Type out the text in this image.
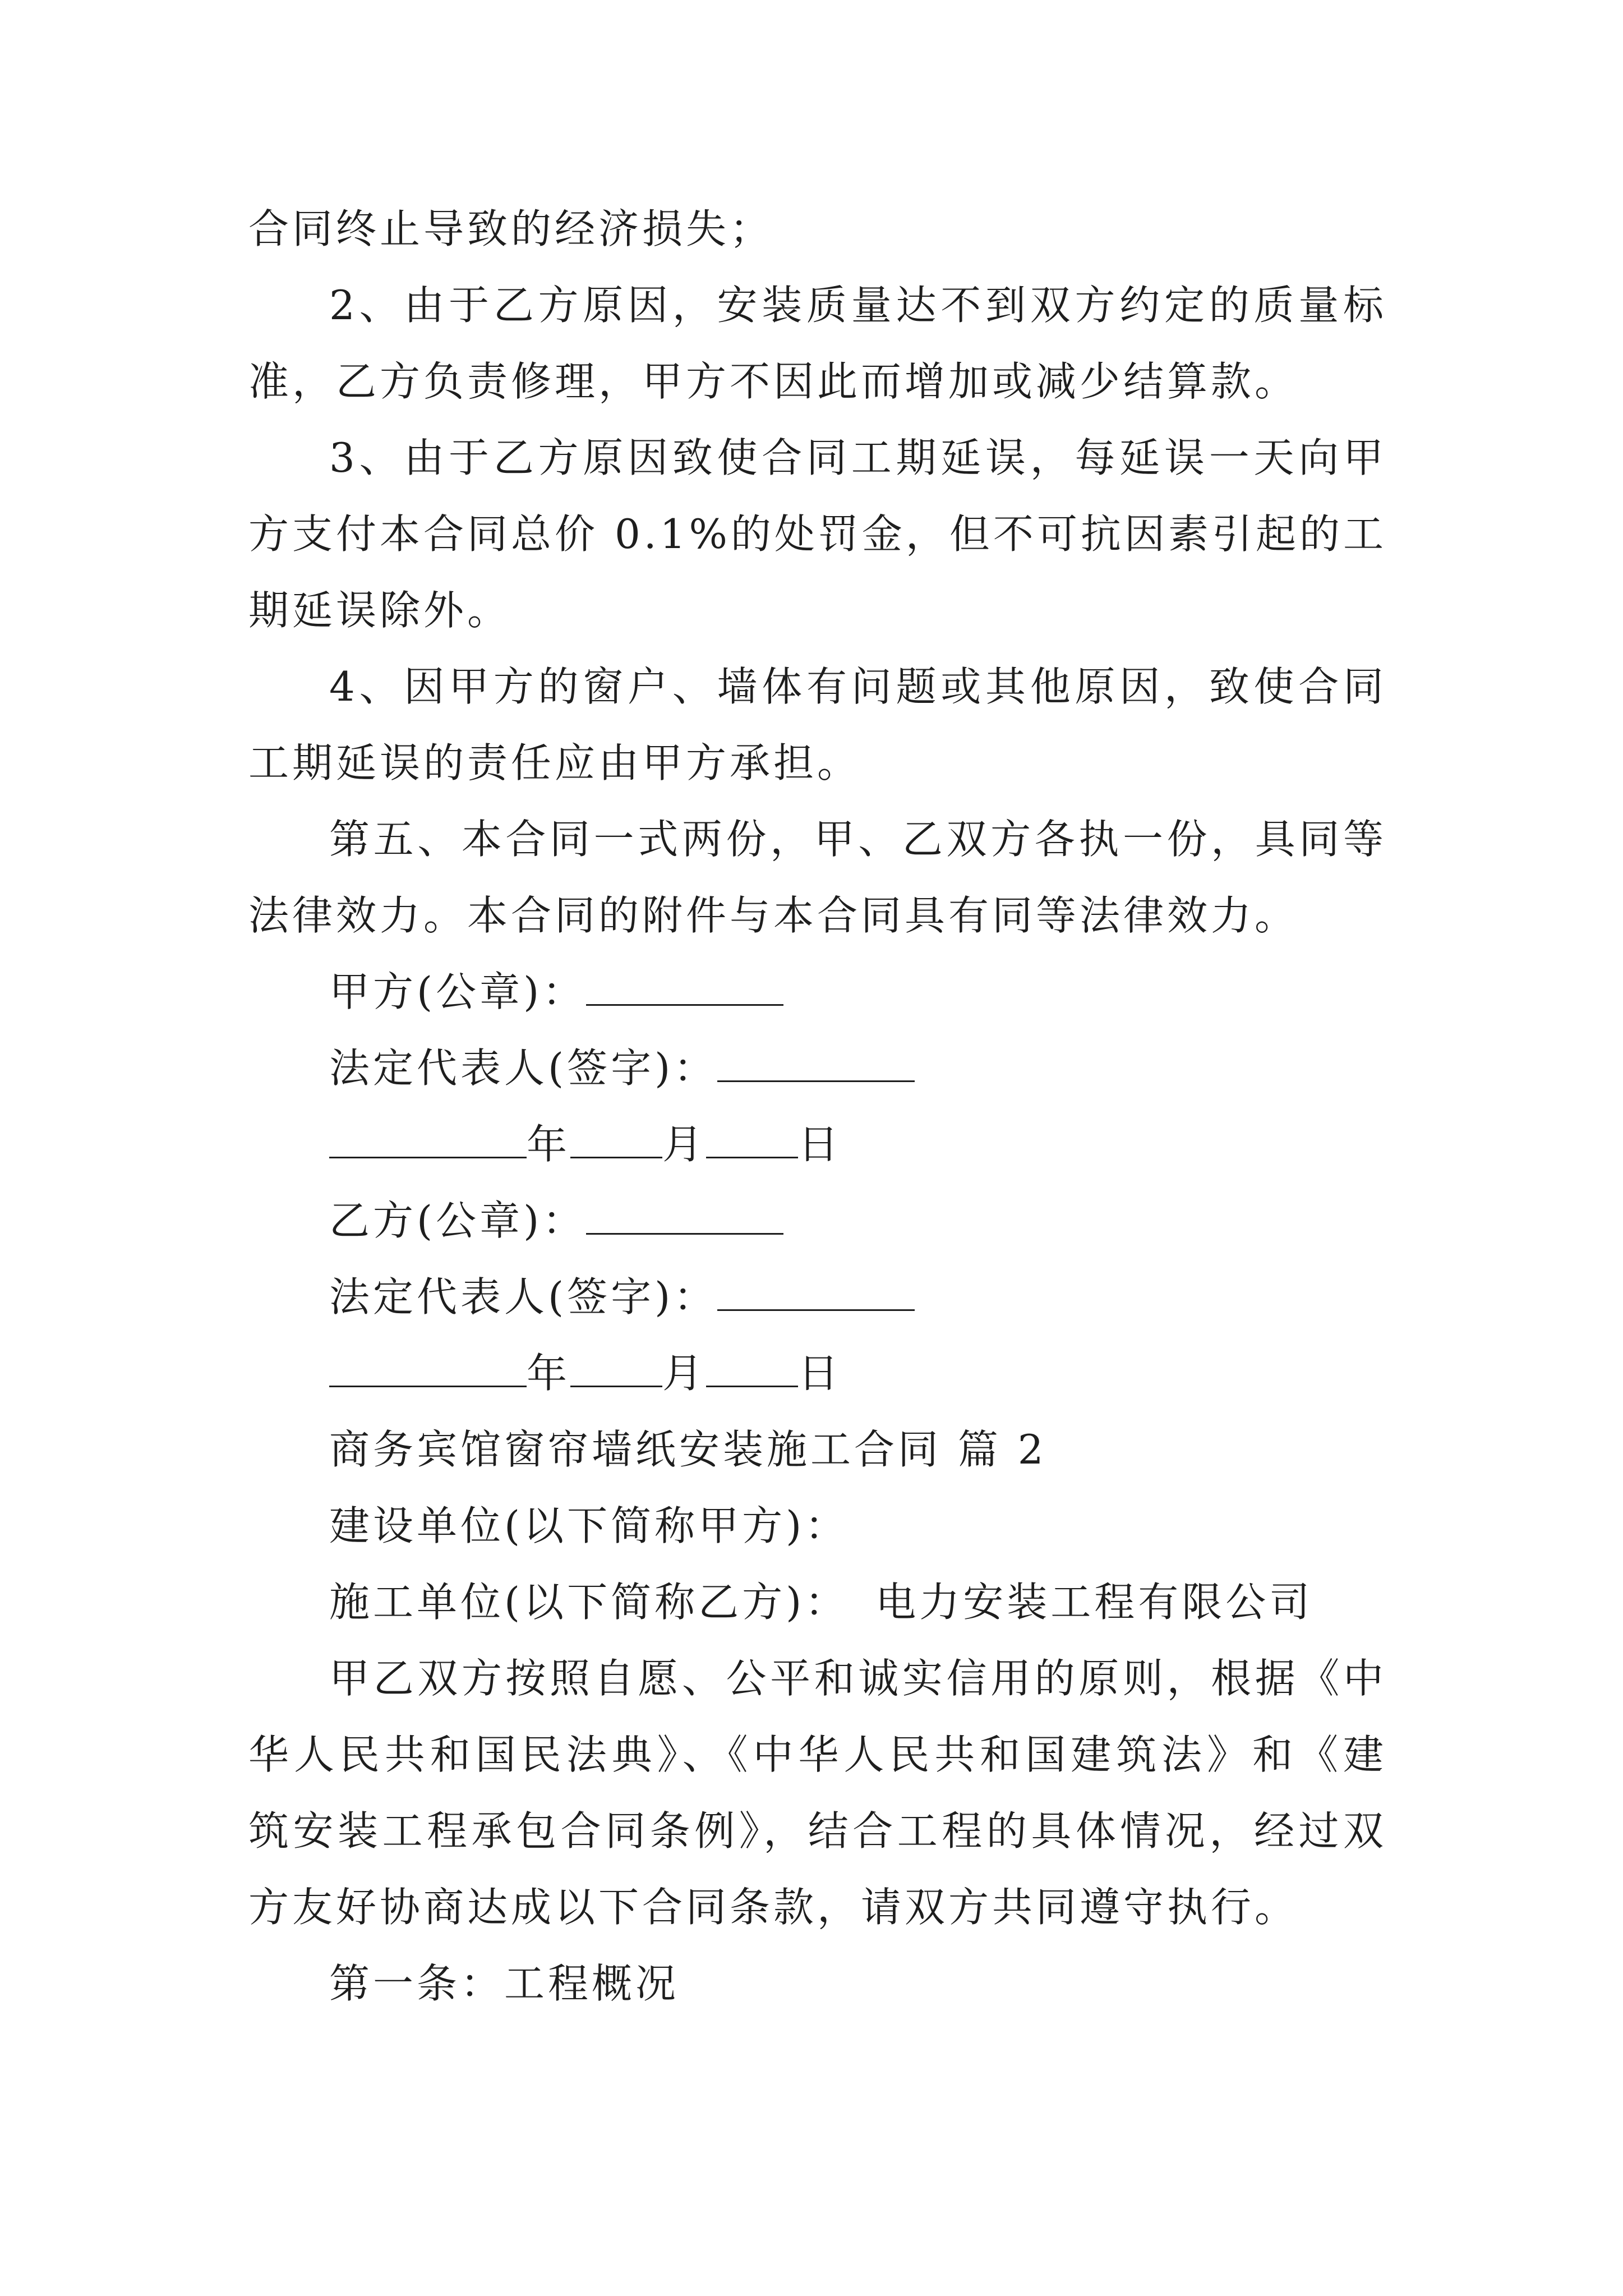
合同终止导致的经济损失；

2、由于乙方原因，安装质量达不到双方约定的质量标准，乙方负责修理，甲方不因此而增加或减少结算款。

3、由于乙方原因致使合同工期延误，每延误一天向甲方支付本合同总价 0.1%的处罚金，但不可抗因素引起的工期延误除外。

4、因甲方的窗户、墙体有问题或其他原因，致使合同工期延误的责任应由甲方承担。

第五、本合同一式两份，甲、乙双方各执一份，具同等法律效力。本合同的附件与本合同具有同等法律效力。

甲方(公章)：
法定代表人(签字)：
年 月 日
乙方(公章)：
法定代表人(签字)：
年 月 日
商务宾馆窗帘墙纸安装施工合同 篇 2
建设单位(以下简称甲方)：
施工单位(以下简称乙方)： 电力安装工程有限公司

甲乙双方按照自愿、公平和诚实信用的原则，根据《中华人民共和国民法典》、《中华人民共和国建筑法》和《建筑安装工程承包合同条例》，结合工程的具体情况，经过双方友好协商达成以下合同条款，请双方共同遵守执行。

第一条：工程概况
